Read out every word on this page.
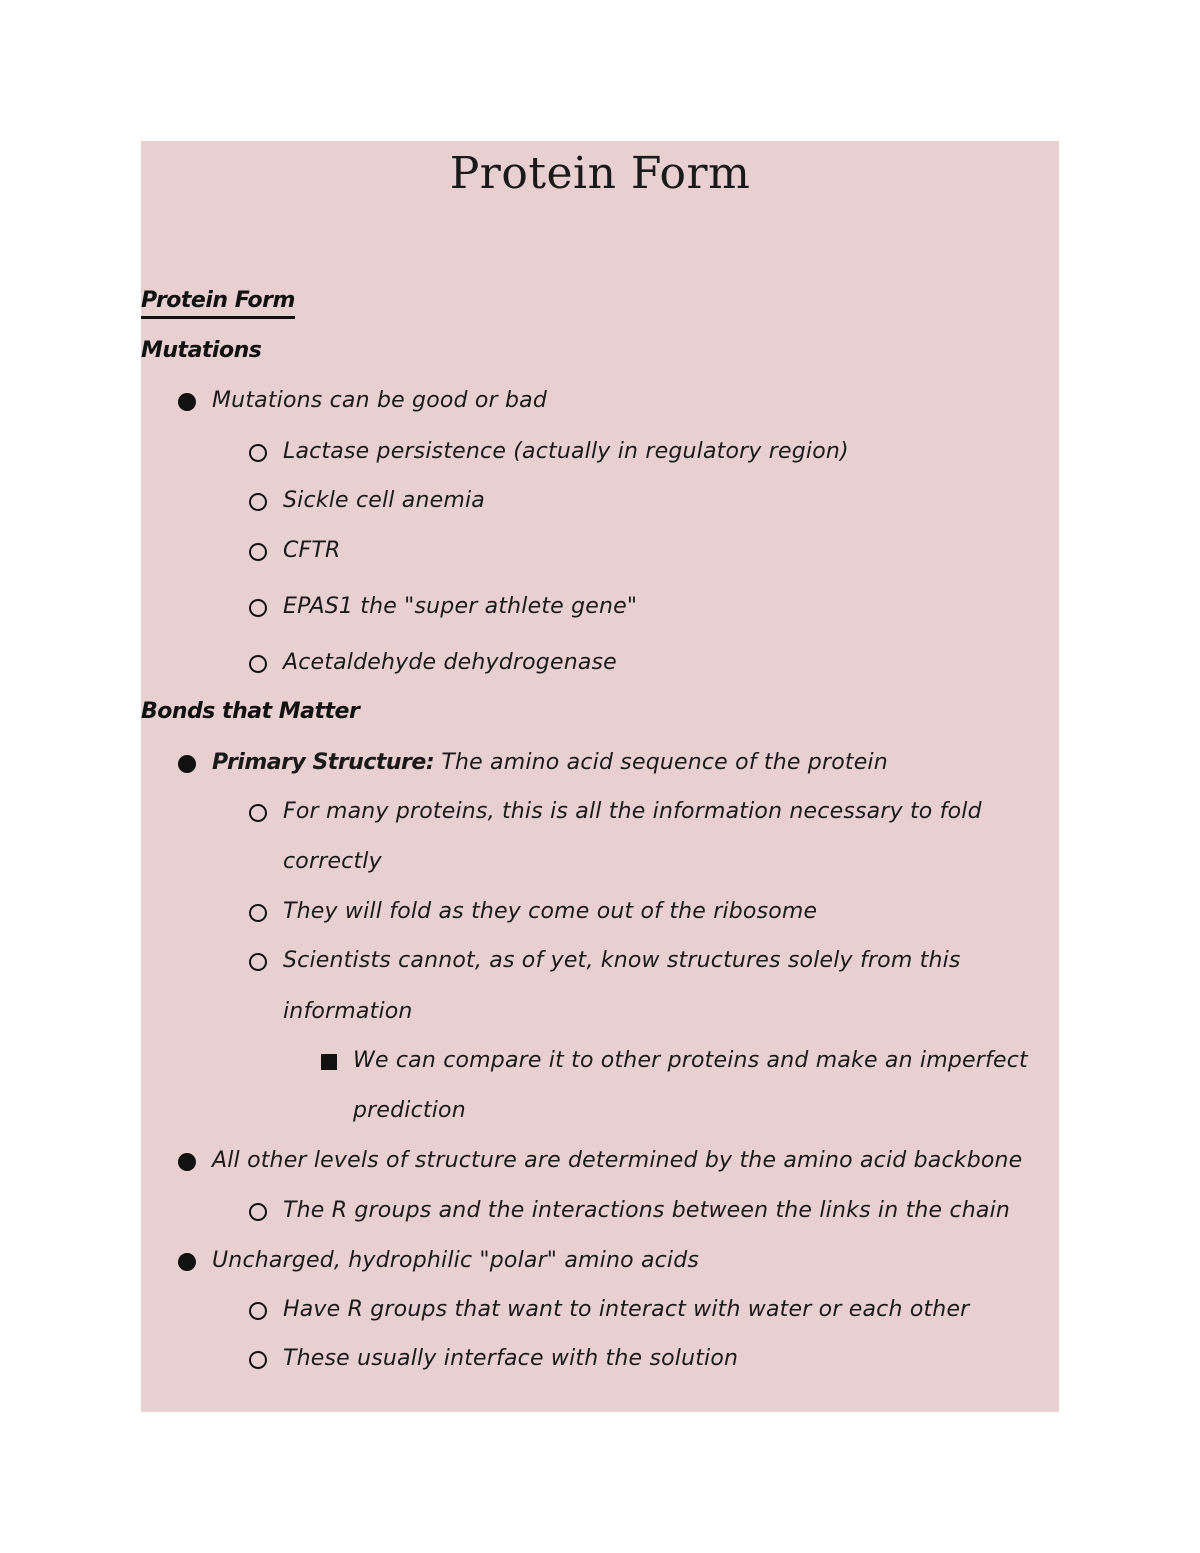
Protein Form
Protein Form
Mutations
Mutations can be good or bad
Lactase persistence (actually in regulatory region)
Sickle cell anemia
CFTR
EPAS1 the "super athlete gene"
Acetaldehyde dehydrogenase
Bonds that Matter
Primary Structure: The amino acid sequence of the protein
For many proteins, this is all the information necessary to fold
correctly
They will fold as they come out of the ribosome
Scientists cannot, as of yet, know structures solely from this
information
We can compare it to other proteins and make an imperfect
prediction
All other levels of structure are determined by the amino acid backbone
The R groups and the interactions between the links in the chain
Uncharged, hydrophilic "polar" amino acids
Have R groups that want to interact with water or each other
These usually interface with the solution
